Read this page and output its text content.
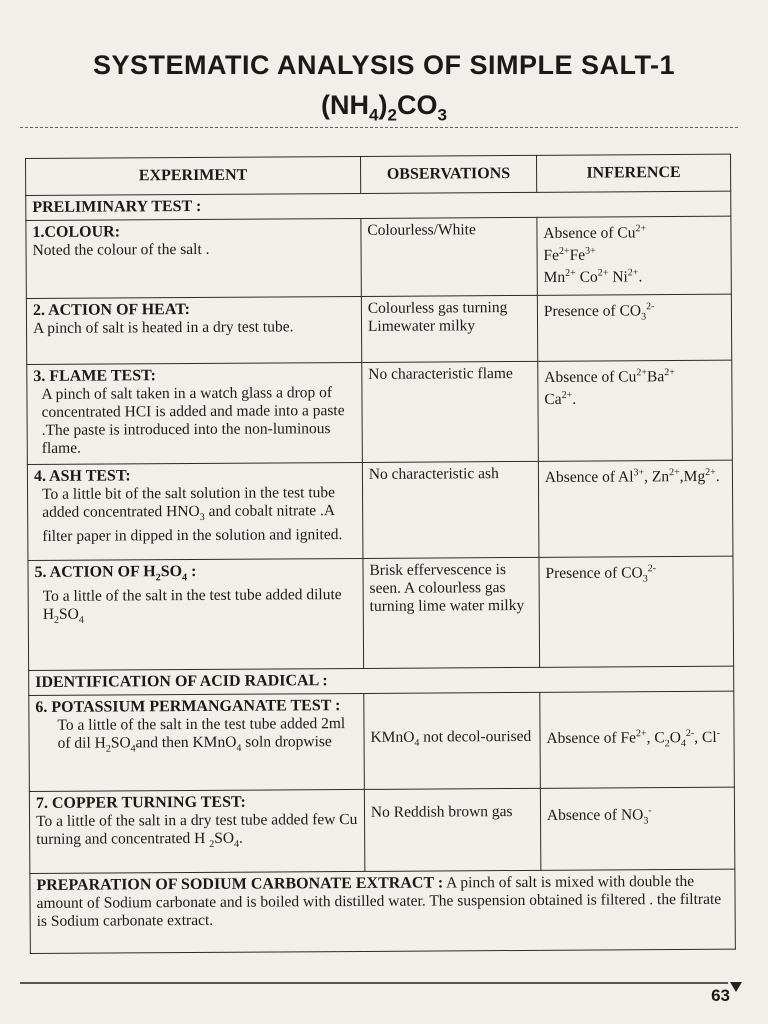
SYSTEMATIC ANALYSIS OF SIMPLE SALT-1
$(NH_4)_2CO_3$
EXPERIMENT	OBSERVATIONS	INFERENCE
PRELIMINARY TEST :		

1.COLOUR:
Noted the colour of the salt .	Colourless/White	Absence of $Cu^{2+}$
$Fe^{2+}Fe^{3+}$
$Mn^{2+}$ $Co^{2+}$ $Ni^{2+}$.

2. ACTION OF HEAT:
A pinch of salt is heated in a dry test tube.	Colourless gas turning Limewater milky	Presence of $CO_3^{2-}$

3. FLAME TEST:
A pinch of salt taken in a watch glass a drop of concentrated HCI is added and made into a paste .The paste is introduced into the non-luminous flame.	No characteristic flame	Absence of $Cu^{2+}Ba^{2+}$
$Ca^{2+}$.

4. ASH TEST:
To a little bit of the salt solution in the test tube added concentrated $HNO_3$ and cobalt nitrate .A filter paper in dipped in the solution and ignited.	No characteristic ash	Absence of $Al^{3+}$, $Zn^{2+},Mg^{2+}$.

5. ACTION OF $H_2SO_4$ :
To a little of the salt in the test tube added dilute $H_2SO_4$	Brisk effervescence is seen. A colourless gas turning lime water milky	Presence of $CO_3^{2-}$
IDENTIFICATION OF ACID RADICAL :		

6. POTASSIUM PERMANGANATE TEST :
To a little of the salt in the test tube added 2ml of dil $H_2SO_4and$ then KMnO$_4$ soln dropwise	KMnO$_4$ not decol-ourised	Absence of $Fe^{2+}$, $C_2O_4^{2-}$, Cl-

7. COPPER TURNING TEST:
To a little of the salt in a dry test tube added few Cu turning and concentrated H $_2SO_4$.	No Reddish brown gas	Absence of $NO_3^-$
PREPARATION OF SODIUM CARBONATE EXTRACT : A pinch of salt is mixed with double the amount of Sodium carbonate and is boiled with distilled water. The suspension obtained is filtered . the filtrate is Sodium carbonate extract.		
63
